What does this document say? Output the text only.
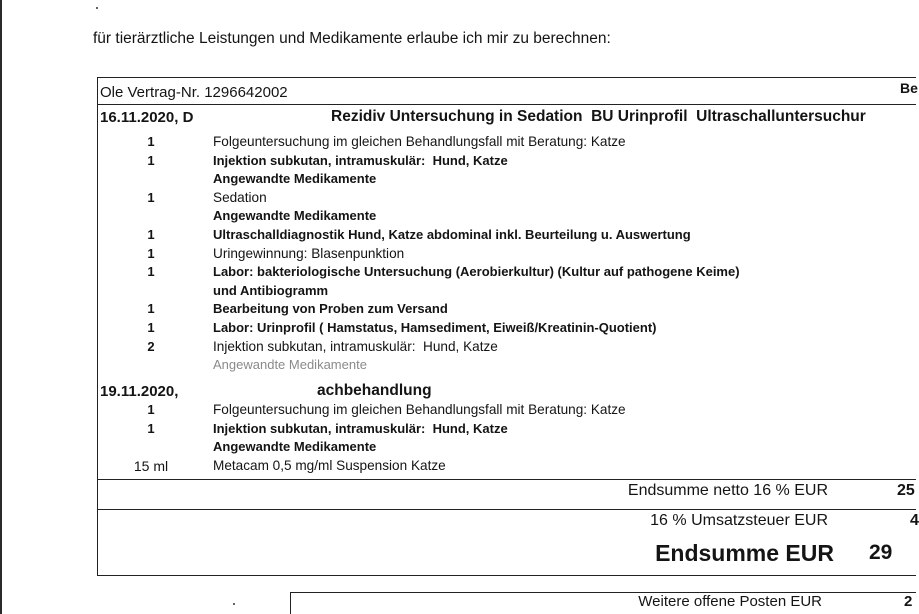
für tierärztliche Leistungen und Medikamente erlaube ich mir zu berechnen:
Ole Vertrag-Nr. 1296642002	Be
16.11.2020, D	Rezidiv Untersuchung in Sedation  BU Urinprofil  Ultraschalluntersuchur
1	Folgeuntersuchung im gleichen Behandlungsfall mit Beratung: Katze
1	Injektion subkutan, intramuskulär:  Hund, Katze
Angewandte Medikamente
1	Sedation
Angewandte Medikamente
1	Ultraschalldiagnostik Hund, Katze abdominal inkl. Beurteilung u. Auswertung
1	Uringewinnung: Blasenpunktion
1	Labor: bakteriologische Untersuchung (Aerobierkultur) (Kultur auf pathogene Keime)
und Antibiogramm
1	Bearbeitung von Proben zum Versand
1	Labor: Urinprofil ( Hamstatus, Hamsediment, Eiweiß/Kreatinin-Quotient)
2	Injektion subkutan, intramuskulär:  Hund, Katze
Angewandte Medikamente
19.11.2020,	achbehandlung
1	Folgeuntersuchung im gleichen Behandlungsfall mit Beratung: Katze
1	Injektion subkutan, intramuskulär:  Hund, Katze
Angewandte Medikamente
15 ml	Metacam 0,5 mg/ml Suspension Katze
Endsumme netto 16 % EUR	25
16 % Umsatzsteuer EUR	4
Endsumme EUR 29
Weitere offene Posten EUR	2
